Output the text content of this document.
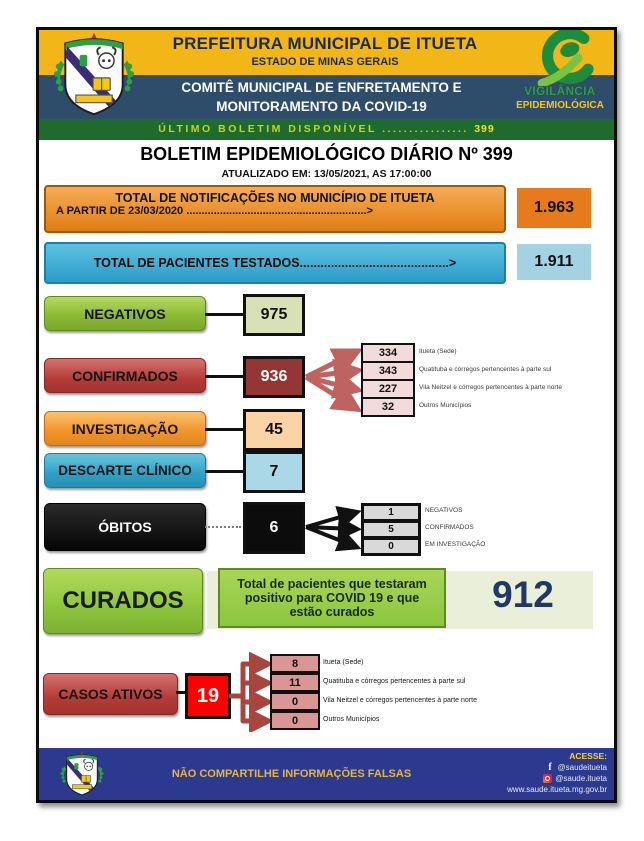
PREFEITURA MUNICIPAL DE ITUETA
ESTADO DE MINAS GERAIS
COMITÊ MUNICIPAL DE ENFRETAMENTO E
MONITORAMENTO DA COVID-19
ÚLTIMO BOLETIM DISPONÍVEL ................ 399
VIGILÂNCIA
EPIDEMIOLÓGICA
BOLETIM EPIDEMIOLÓGICO DIÁRIO Nº 399
ATUALIZADO EM: 13/05/2021, AS 17:00:00
TOTAL DE NOTIFICAÇÕES NO MUNICÍPIO DE ITUETA
A PARTIR DE 23/03/2020 ...........................................................>	1.963
TOTAL DE PACIENTES TESTADOS...........................................>	1.911
NEGATIVOS	975
CONFIRMADOS	936
334	Itueta (Sede)
343	Quatituba e córregos pertencentes à parte sul
227	Vila Neitzel e córregos pertencentes à parte norte
32	Outros Municípios
INVESTIGAÇÃO	45
DESCARTE CLÍNICO	7
ÓBITOS	6
1	NEGATIVOS
5	CONFIRMADOS
0	EM INVESTIGAÇÃO
CURADOS
Total de pacientes que testaram positivo para COVID 19 e que estão curados	912
CASOS ATIVOS	19
8	Itueta (Sede)
11	Quatituba e córregos pertencentes à parte sul
0	Vila Neitzel e córregos pertencentes à parte norte
0	Outros Municípios
NÃO COMPARTILHE INFORMAÇÕES FALSAS
ACESSE:
f @saudeitueta
@saude.itueta
www.saude.itueta.mg.gov.br
